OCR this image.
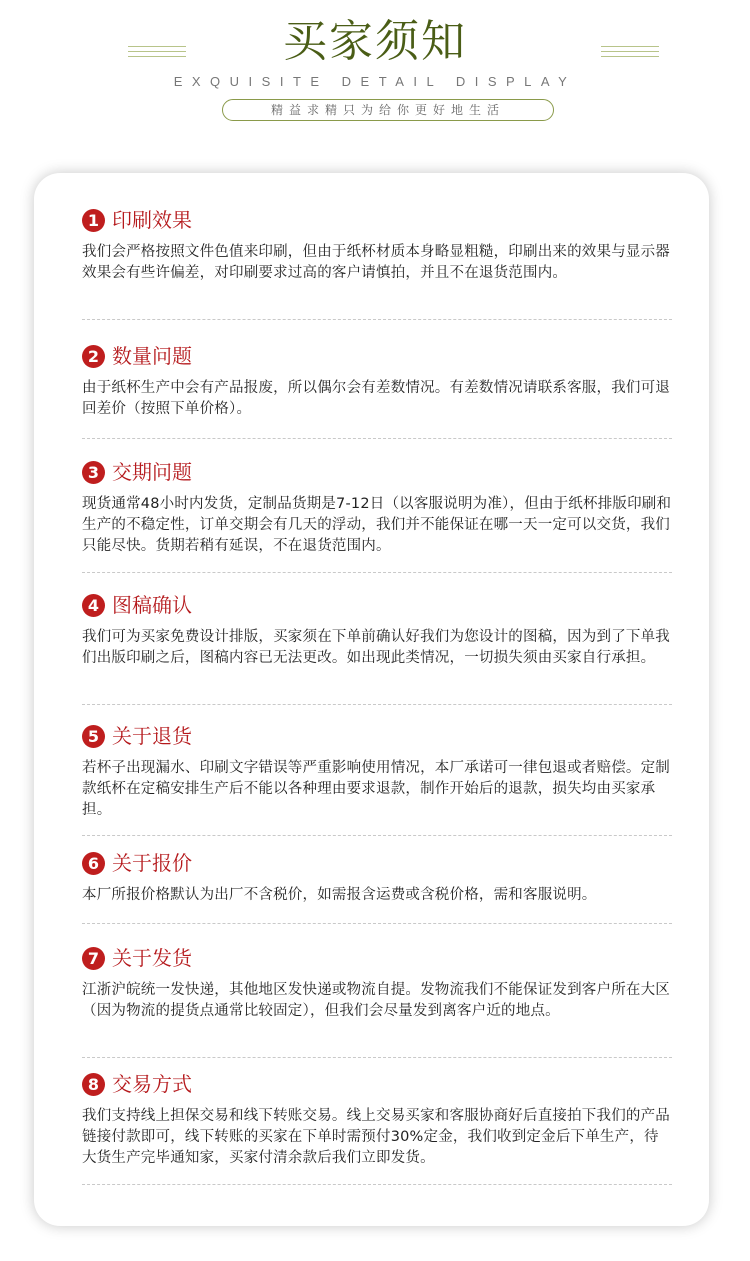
买家须知
EXQUISITE DETAIL DISPLAY
精益求精只为给你更好地生活
1 印刷效果
我们会严格按照文件色值来印刷，但由于纸杯材质本身略显粗糙，印刷出来的效果与显示器效果会有些许偏差，对印刷要求过高的客户请慎拍，并且不在退货范围内。
2 数量问题
由于纸杯生产中会有产品报废，所以偶尔会有差数情况。有差数情况请联系客服，我们可退回差价（按照下单价格）。
3 交期问题
现货通常48小时内发货，定制品货期是7-12日（以客服说明为准），但由于纸杯排版印刷和 生产的不稳定性，订单交期会有几天的浮动，我们并不能保证在哪一天一定可以交货，我们只能尽快。货期若稍有延误，不在退货范围内。
4 图稿确认
我们可为买家免费设计排版，买家须在下单前确认好我们为您设计的图稿，因为到了下单我们出版印刷之后，图稿内容已无法更改。如出现此类情况，一切损失须由买家自行承担。
5 关于退货
若杯子出现漏水、印刷文字错误等严重影响使用情况，本厂承诺可一律包退或者赔偿。定制款纸杯在定稿安排生产后不能以各种理由要求退款，制作开始后的退款，损失均由买家承担。
6 关于报价
本厂所报价格默认为出厂不含税价，如需报含运费或含税价格，需和客服说明。
7 关于发货
江浙沪皖统一发快递，其他地区发快递或物流自提。发物流我们不能保证发到客户所在大区（因为物流的提货点通常比较固定），但我们会尽量发到离客户近的地点。
8 交易方式
我们支持线上担保交易和线下转账交易。线上交易买家和客服协商好后直接拍下我们的产品链接付款即可，线下转账的买家在下单时需预付30%定金，我们收到定金后下单生产，待大货生产完毕通知家，买家付清余款后我们立即发货。
